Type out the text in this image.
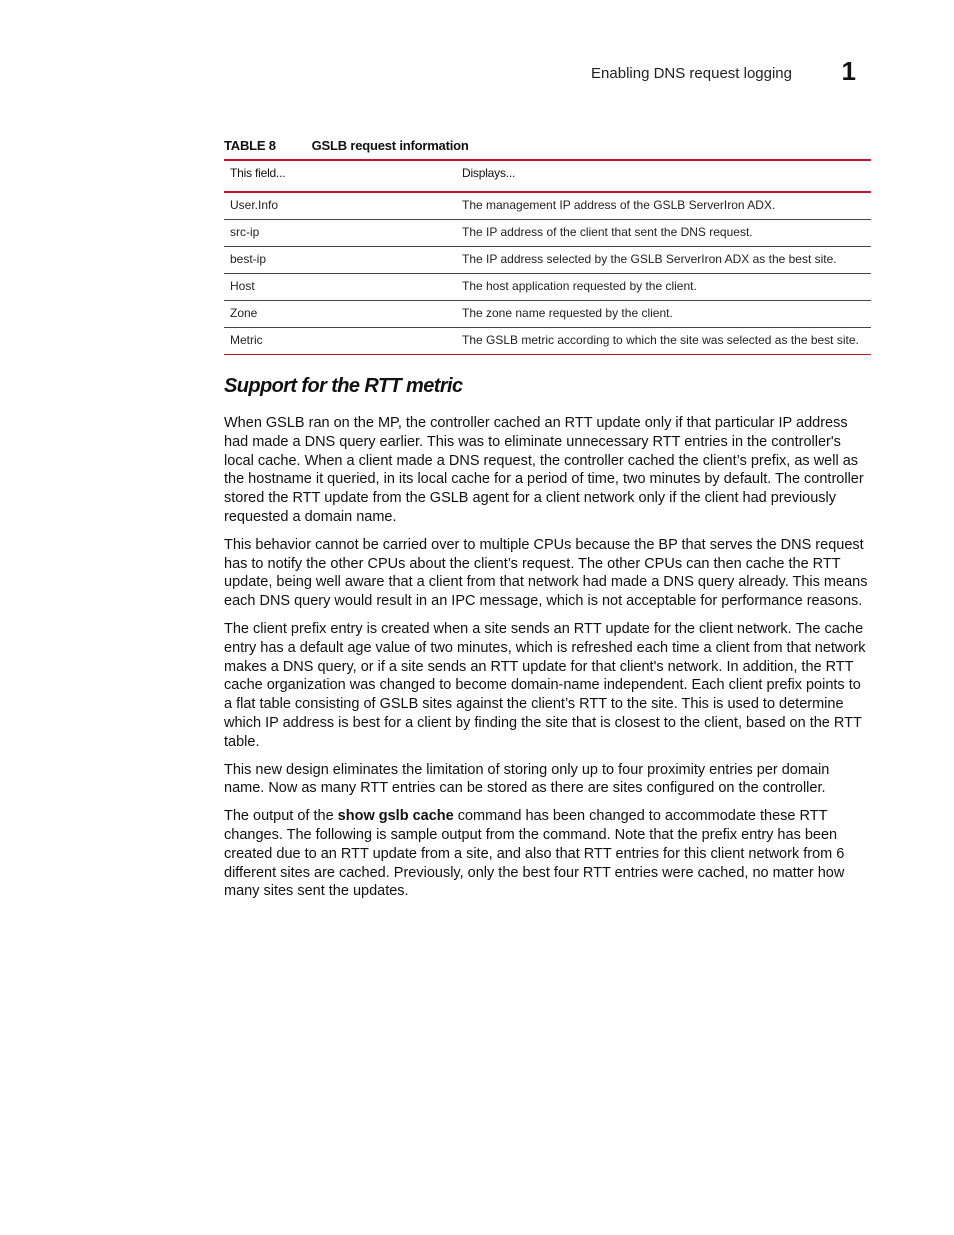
Enabling DNS request logging 1
TABLE 8	GSLB request information
This field...	Displays...
User.Info	The management IP address of the GSLB ServerIron ADX.
src-ip	The IP address of the client that sent the DNS request.
best-ip	The IP address selected by the GSLB ServerIron ADX as the best site.
Host	The host application requested by the client.
Zone	The zone name requested by the client.
Metric	The GSLB metric according to which the site was selected as the best site.
Support for the RTT metric

When GSLB ran on the MP, the controller cached an RTT update only if that particular IP address had made a DNS query earlier. This was to eliminate unnecessary RTT entries in the controller's local cache. When a client made a DNS request, the controller cached the client’s prefix, as well as the hostname it queried, in its local cache for a period of time, two minutes by default. The controller stored the RTT update from the GSLB agent for a client network only if the client had previously requested a domain name.

This behavior cannot be carried over to multiple CPUs because the BP that serves the DNS request has to notify the other CPUs about the client’s request. The other CPUs can then cache the RTT update, being well aware that a client from that network had made a DNS query already. This means each DNS query would result in an IPC message, which is not acceptable for performance reasons.

The client prefix entry is created when a site sends an RTT update for the client network. The cache entry has a default age value of two minutes, which is refreshed each time a client from that network makes a DNS query, or if a site sends an RTT update for that client's network. In addition, the RTT cache organization was changed to become domain-name independent. Each client prefix points to a flat table consisting of GSLB sites against the client’s RTT to the site. This is used to determine which IP address is best for a client by finding the site that is closest to the client, based on the RTT table.

This new design eliminates the limitation of storing only up to four proximity entries per domain name. Now as many RTT entries can be stored as there are sites configured on the controller.

The output of the show gslb cache command has been changed to accommodate these RTT changes. The following is sample output from the command. Note that the prefix entry has been created due to an RTT update from a site, and also that RTT entries for this client network from 6 different sites are cached. Previously, only the best four RTT entries were cached, no matter how many sites sent the updates.
